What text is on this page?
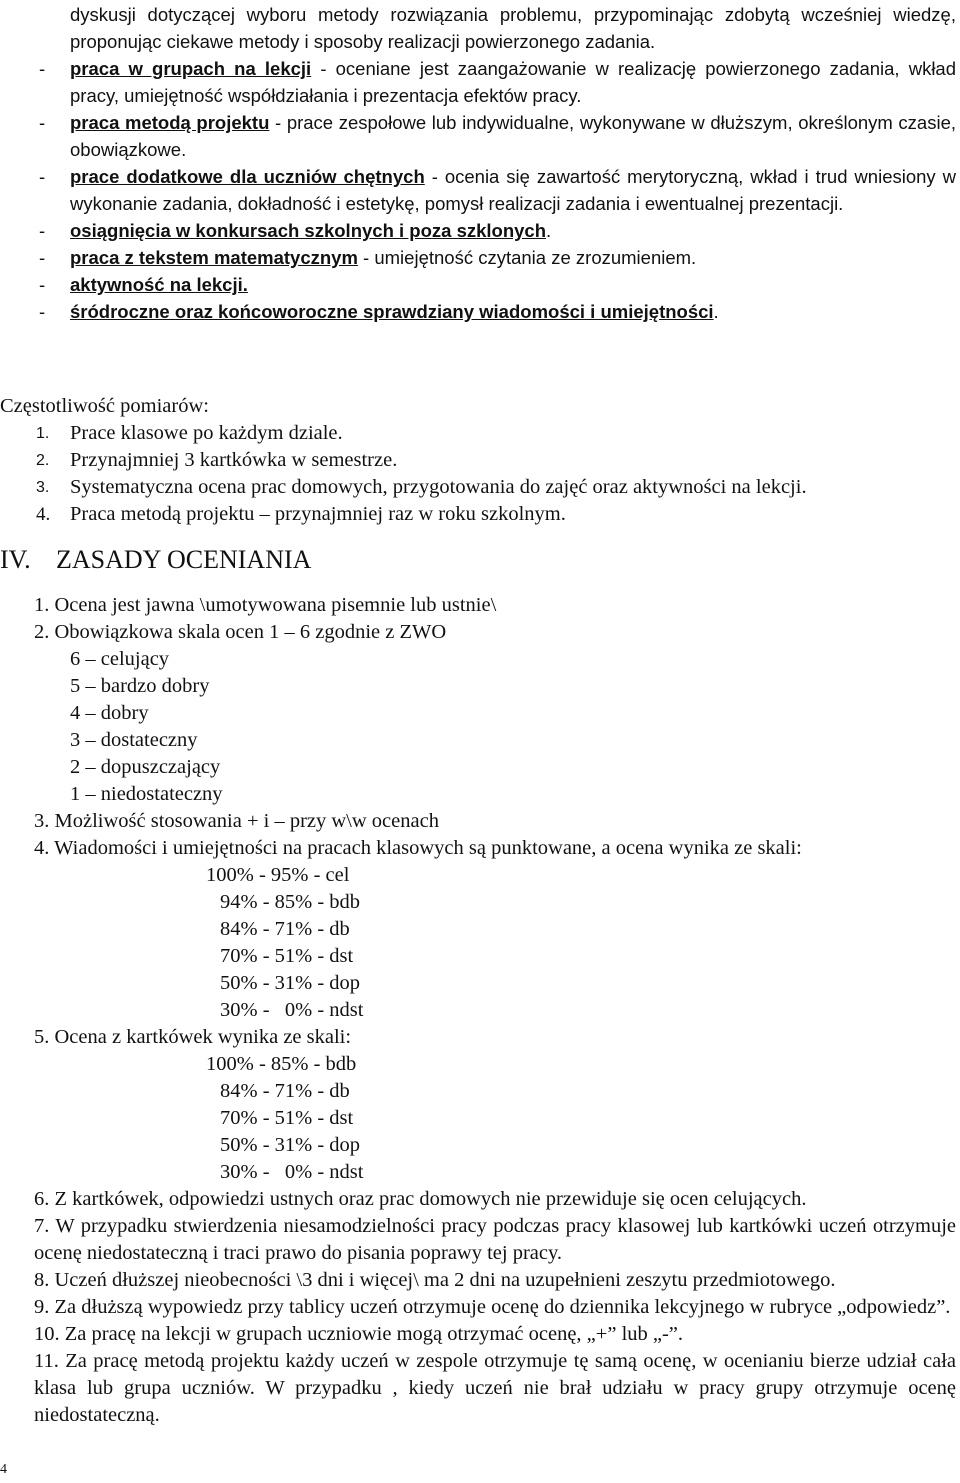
dyskusji dotyczącej wyboru metody rozwiązania problemu, przypominając zdobytą wcześniej wiedzę, proponując ciekawe metody i sposoby realizacji powierzonego zadania.
- praca w grupach na lekcji - oceniane jest zaangażowanie w realizację powierzonego zadania, wkład pracy, umiejętność współdziałania i prezentacja efektów pracy.
- praca metodą projektu - prace zespołowe lub indywidualne, wykonywane w dłuższym, określonym czasie, obowiązkowe.
- prace dodatkowe dla uczniów chętnych - ocenia się zawartość merytoryczną, wkład i trud wniesiony w wykonanie zadania, dokładność i estetykę, pomysł realizacji zadania i ewentualnej prezentacji.
- osiągnięcia w konkursach szkolnych i poza szklonych.
- praca z tekstem matematycznym - umiejętność czytania ze zrozumieniem.
- aktywność na lekcji.
- śródroczne oraz końcoworoczne sprawdziany wiadomości i umiejętności.
Częstotliwość pomiarów:
1. Prace klasowe po każdym dziale.
2. Przynajmniej 3 kartkówka w semestrze.
3. Systematyczna ocena prac domowych, przygotowania do zajęć oraz aktywności na lekcji.
4. Praca metodą projektu – przynajmniej raz w roku szkolnym.
IV. ZASADY OCENIANIA
1. Ocena jest jawna \umotywowana pisemnie lub ustnie\
2. Obowiązkowa skala ocen 1 – 6 zgodnie z ZWO
6 – celujący
5 – bardzo dobry
4 – dobry
3 – dostateczny
2 – dopuszczający
1 – niedostateczny
3. Możliwość stosowania + i – przy w\w ocenach
4. Wiadomości i umiejętności na pracach klasowych są punktowane, a ocena wynika ze skali:
100% - 95% - cel
94% - 85% - bdb
84% - 71% - db
70% - 51% - dst
50% - 31% - dop
30% -   0% - ndst
5. Ocena z kartkówek wynika ze skali:
100% - 85% - bdb
84% - 71% - db
70% - 51% - dst
50% - 31% - dop
30% -   0% - ndst
6. Z kartkówek, odpowiedzi ustnych oraz prac domowych nie przewiduje się ocen celujących.
7. W przypadku stwierdzenia niesamodzielności pracy podczas pracy klasowej lub kartkówki uczeń otrzymuje ocenę niedostateczną i traci prawo do pisania poprawy tej pracy.
8. Uczeń dłuższej nieobecności \3 dni i więcej\ ma 2 dni na uzupełnieni zeszytu przedmiotowego.
9. Za dłuższą wypowiedz przy tablicy uczeń otrzymuje ocenę do dziennika lekcyjnego w rubryce „odpowiedz”.
10. Za pracę na lekcji w grupach uczniowie mogą otrzymać ocenę, „+” lub „-”.
11. Za pracę metodą projektu każdy uczeń w zespole otrzymuje tę samą ocenę, w ocenianiu bierze udział cała klasa lub grupa uczniów. W przypadku , kiedy uczeń nie brał udziału w pracy grupy otrzymuje ocenę niedostateczną.
4
